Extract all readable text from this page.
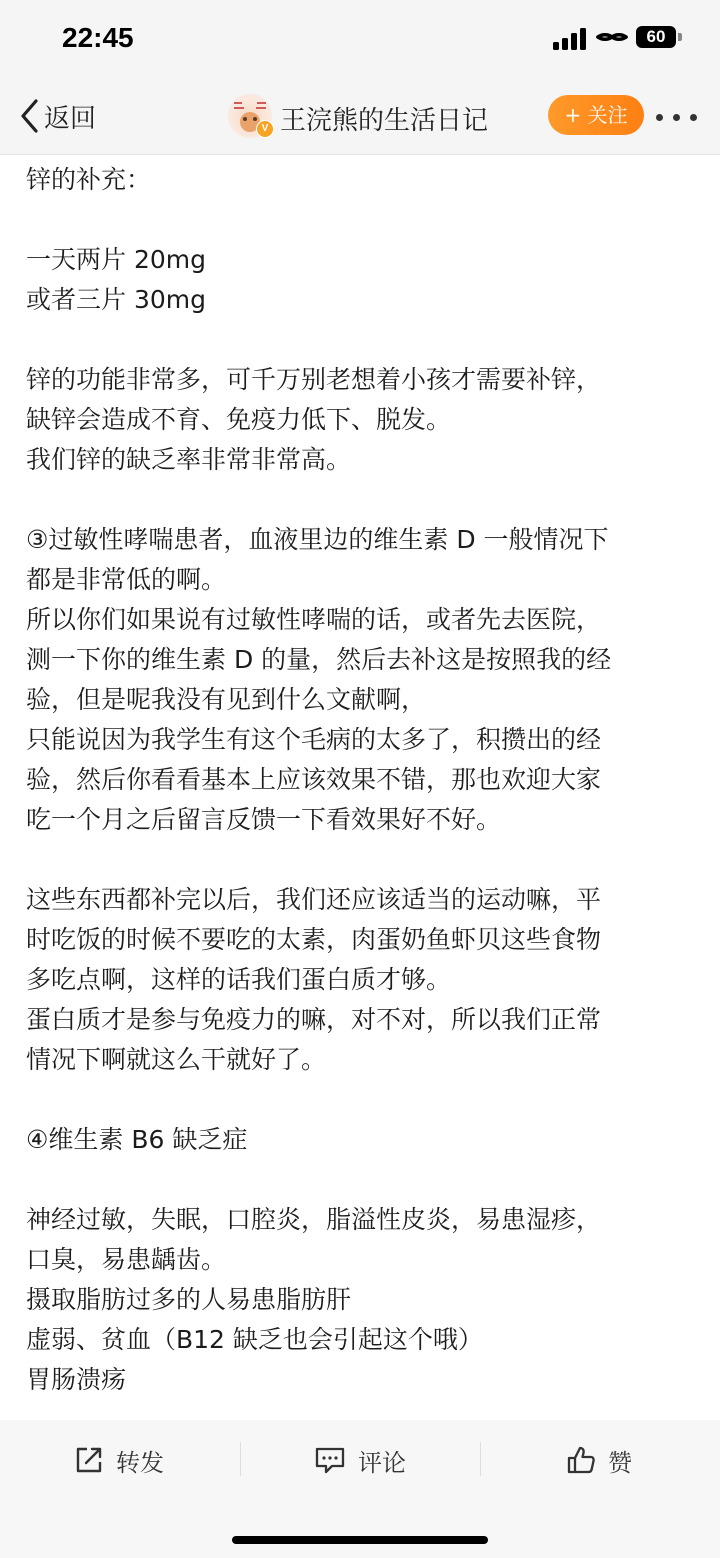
22:45	60
返回	V 王浣熊的生活日记	+ 关注
锌的补充：
一天两片 20mg
或者三片 30mg
锌的功能非常多，可千万别老想着小孩才需要补锌，
缺锌会造成不育、免疫力低下、脱发。
我们锌的缺乏率非常非常高。
③过敏性哮喘患者，血液里边的维生素 D 一般情况下
都是非常低的啊。
所以你们如果说有过敏性哮喘的话，或者先去医院，
测一下你的维生素 D 的量，然后去补这是按照我的经
验，但是呢我没有见到什么文献啊，
只能说因为我学生有这个毛病的太多了，积攒出的经
验，然后你看看基本上应该效果不错，那也欢迎大家
吃一个月之后留言反馈一下看效果好不好。
这些东西都补完以后，我们还应该适当的运动嘛，平
时吃饭的时候不要吃的太素，肉蛋奶鱼虾贝这些食物
多吃点啊，这样的话我们蛋白质才够。
蛋白质才是参与免疫力的嘛，对不对，所以我们正常
情况下啊就这么干就好了。
④维生素 B6 缺乏症
神经过敏，失眠，口腔炎，脂溢性皮炎，易患湿疹，
口臭，易患龋齿。
摄取脂肪过多的人易患脂肪肝
虚弱、贫血（B12 缺乏也会引起这个哦）
胃肠溃疡
转发	评论	赞
